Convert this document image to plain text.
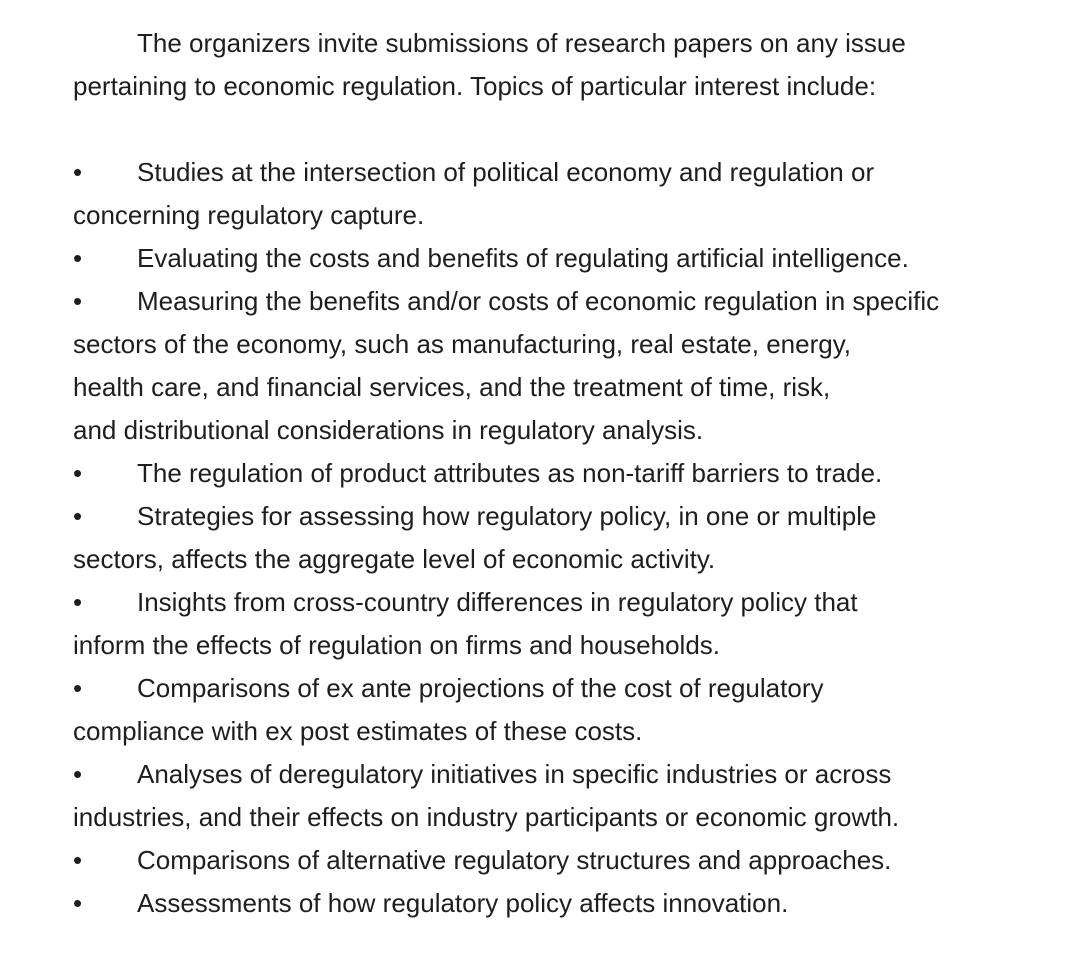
The organizers invite submissions of research papers on any issue
pertaining to economic regulation. Topics of particular interest include:
•	Studies at the intersection of political economy and regulation or
concerning regulatory capture.
•	Evaluating the costs and benefits of regulating artificial intelligence.
•	Measuring the benefits and/or costs of economic regulation in specific
sectors of the economy, such as manufacturing, real estate, energy,
health care, and financial services, and the treatment of time, risk,
and distributional considerations in regulatory analysis.
•	The regulation of product attributes as non-tariff barriers to trade.
•	Strategies for assessing how regulatory policy, in one or multiple
sectors, affects the aggregate level of economic activity.
•	Insights from cross-country differences in regulatory policy that
inform the effects of regulation on firms and households.
•	Comparisons of ex ante projections of the cost of regulatory
compliance with ex post estimates of these costs.
•	Analyses of deregulatory initiatives in specific industries or across
industries, and their effects on industry participants or economic growth.
•	Comparisons of alternative regulatory structures and approaches.
•	Assessments of how regulatory policy affects innovation.
